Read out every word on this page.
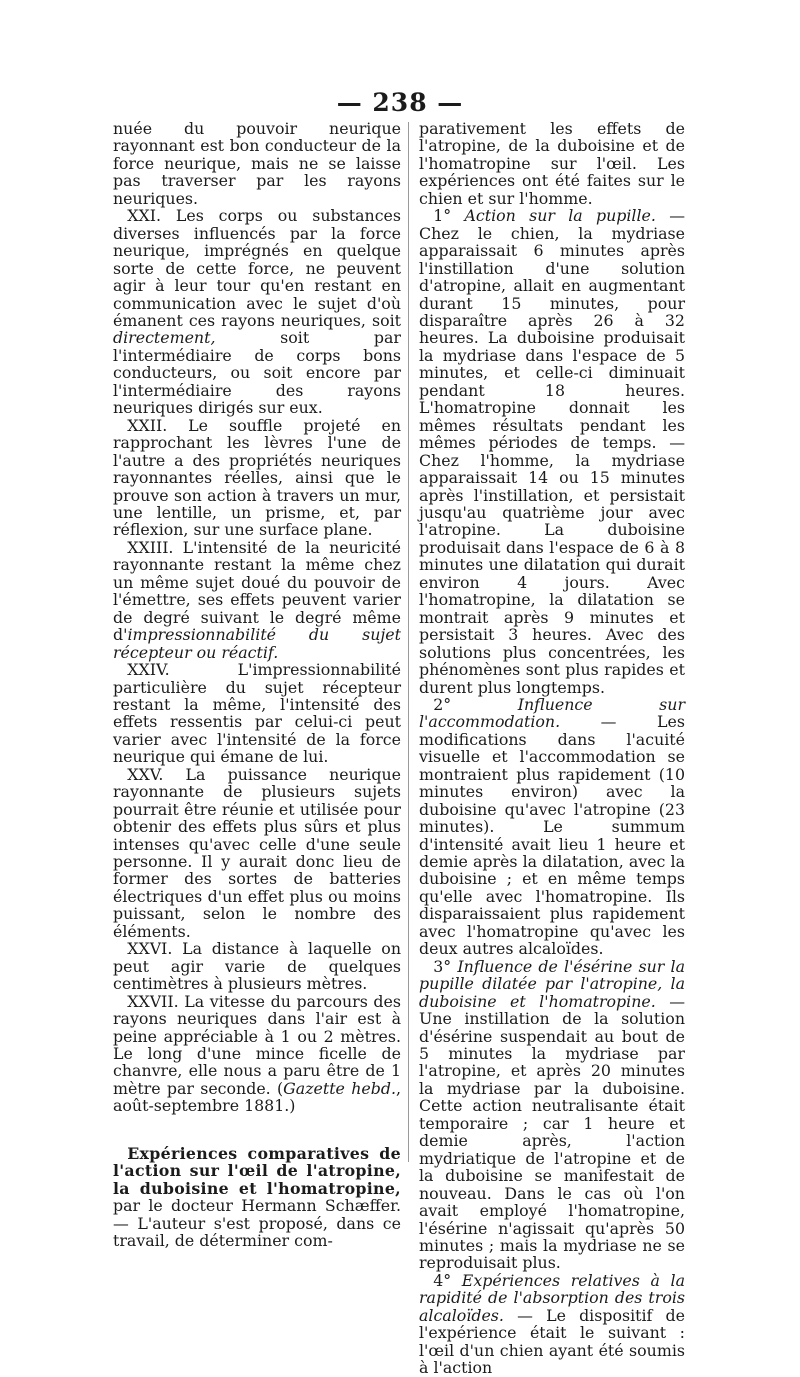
— 238 —

nuée du pouvoir neurique rayonnant est bon conducteur de la force neurique, mais ne se laisse pas traverser par les rayons neuriques.

XXI. Les corps ou substances diverses influencés par la force neurique, imprégnés en quelque sorte de cette force, ne peuvent agir à leur tour qu'en restant en communication avec le sujet d'où émanent ces rayons neuriques, soit directement, soit par l'intermédiaire de corps bons conducteurs, ou soit encore par l'intermédiaire des rayons neuriques dirigés sur eux.

XXII. Le souffle projeté en rapprochant les lèvres l'une de l'autre a des propriétés neuriques rayonnantes réelles, ainsi que le prouve son action à travers un mur, une lentille, un prisme, et, par réflexion, sur une surface plane.

XXIII. L'intensité de la neuricité rayonnante restant la même chez un même sujet doué du pouvoir de l'émettre, ses effets peuvent varier de degré suivant le degré même d'impressionnabilité du sujet récepteur ou réactif.

XXIV. L'impressionnabilité particulière du sujet récepteur restant la même, l'intensité des effets ressentis par celui-ci peut varier avec l'intensité de la force neurique qui émane de lui.

XXV. La puissance neurique rayonnante de plusieurs sujets pourrait être réunie et utilisée pour obtenir des effets plus sûrs et plus intenses qu'avec celle d'une seule personne. Il y aurait donc lieu de former des sortes de batteries électriques d'un effet plus ou moins puissant, selon le nombre des éléments.

XXVI. La distance à laquelle on peut agir varie de quelques centimètres à plusieurs mètres.

XXVII. La vitesse du parcours des rayons neuriques dans l'air est à peine appréciable à 1 ou 2 mètres. Le long d'une mince ficelle de chanvre, elle nous a paru être de 1 mètre par seconde. (Gazette hebd., août-septembre 1881.)

Expériences comparatives de l'action sur l'œil de l'atropine, la duboisine et l'homatropine, par le docteur Hermann Schæffer. — L'auteur s'est proposé, dans ce travail, de déterminer com-

parativement les effets de l'atropine, de la duboisine et de l'homatropine sur l'œil. Les expériences ont été faites sur le chien et sur l'homme.

1° Action sur la pupille. — Chez le chien, la mydriase apparaissait 6 minutes après l'instillation d'une solution d'atropine, allait en augmentant durant 15 minutes, pour disparaître après 26 à 32 heures. La duboisine produisait la mydriase dans l'espace de 5 minutes, et celle-ci diminuait pendant 18 heures. L'homatropine donnait les mêmes résultats pendant les mêmes périodes de temps. — Chez l'homme, la mydriase apparaissait 14 ou 15 minutes après l'instillation, et persistait jusqu'au quatrième jour avec l'atropine. La duboisine produisait dans l'espace de 6 à 8 minutes une dilatation qui durait environ 4 jours. Avec l'homatropine, la dilatation se montrait après 9 minutes et persistait 3 heures. Avec des solutions plus concentrées, les phénomènes sont plus rapides et durent plus longtemps.

2° Influence sur l'accommodation. — Les modifications dans l'acuité visuelle et l'accommodation se montraient plus rapidement (10 minutes environ) avec la duboisine qu'avec l'atropine (23 minutes). Le summum d'intensité avait lieu 1 heure et demie après la dilatation, avec la duboisine ; et en même temps qu'elle avec l'homatropine. Ils disparaissaient plus rapidement avec l'homatropine qu'avec les deux autres alcaloïdes.

3° Influence de l'ésérine sur la pupille dilatée par l'atropine, la duboisine et l'homatropine. — Une instillation de la solution d'ésérine suspendait au bout de 5 minutes la mydriase par l'atropine, et après 20 minutes la mydriase par la duboisine. Cette action neutralisante était temporaire ; car 1 heure et demie après, l'action mydriatique de l'atropine et de la duboisine se manifestait de nouveau. Dans le cas où l'on avait employé l'homatropine, l'ésérine n'agissait qu'après 50 minutes ; mais la mydriase ne se reproduisait plus.

4° Expériences relatives à la rapidité de l'absorption des trois alcaloïdes. — Le dispositif de l'expérience était le suivant : l'œil d'un chien ayant été soumis à l'action
